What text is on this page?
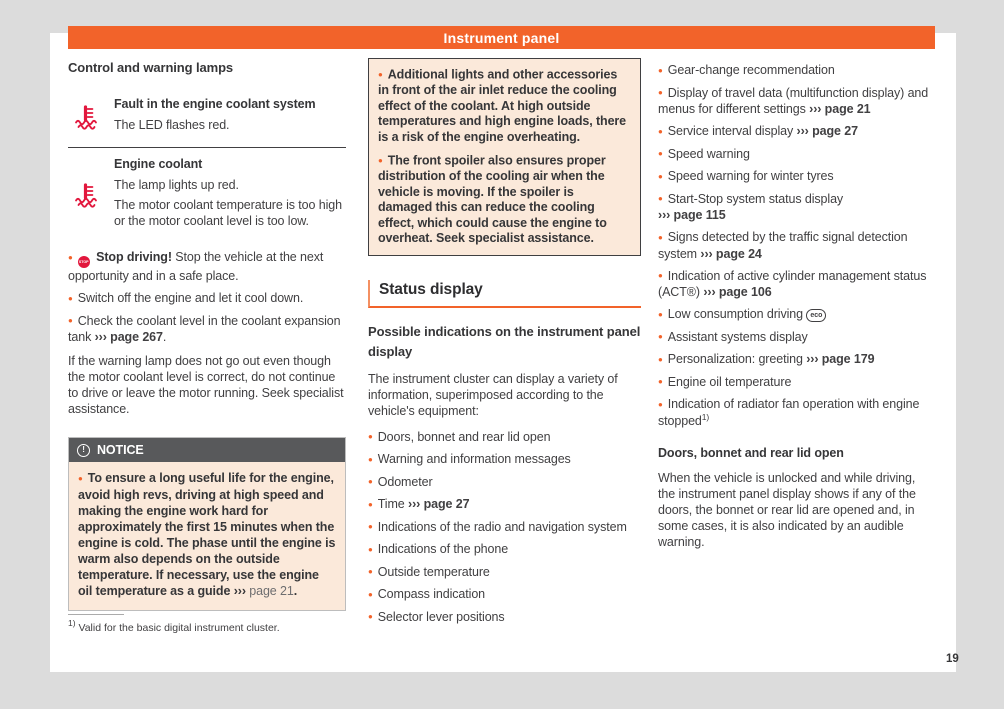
Instrument panel
Control and warning lamps
Fault in the engine coolant system
The LED flashes red.
Engine coolant
The lamp lights up red.
The motor coolant temperature is too high or the motor coolant level is too low.
●STOP Stop driving! Stop the vehicle at the next opportunity and in a safe place.
● Switch off the engine and let it cool down.
● Check the coolant level in the coolant expansion tank ››› page 267.
If the warning lamp does not go out even though the motor coolant level is correct, do not continue to drive or leave the motor running. Seek specialist assistance.
! NOTICE
● To ensure a long useful life for the engine, avoid high revs, driving at high speed and making the engine work hard for approximately the first 15 minutes when the engine is cold. The phase until the engine is warm also depends on the outside temperature. If necessary, use the engine oil temperature as a guide ››› page 21.
● Additional lights and other accessories in front of the air inlet reduce the cooling effect of the coolant. At high outside temperatures and high engine loads, there is a risk of the engine overheating.
● The front spoiler also ensures proper distribution of the cooling air when the vehicle is moving. If the spoiler is damaged this can reduce the cooling effect, which could cause the engine to overheat. Seek specialist assistance.
Status display
Possible indications on the instrument panel display
The instrument cluster can display a variety of information, superimposed according to the vehicle's equipment:
● Doors, bonnet and rear lid open
● Warning and information messages
● Odometer
● Time ››› page 27
● Indications of the radio and navigation system
● Indications of the phone
● Outside temperature
● Compass indication
● Selector lever positions
● Gear-change recommendation
● Display of travel data (multifunction display) and menus for different settings ››› page 21
● Service interval display ››› page 27
● Speed warning
● Speed warning for winter tyres
● Start-Stop system status display
››› page 115
● Signs detected by the traffic signal detection system ››› page 24
● Indication of active cylinder management status (ACT®) ››› page 106
● Low consumption driving eco
● Assistant systems display
● Personalization: greeting ››› page 179
● Engine oil temperature
● Indication of radiator fan operation with engine stopped$^{1)}$
Doors, bonnet and rear lid open
When the vehicle is unlocked and while driving, the instrument panel display shows if any of the doors, the bonnet or rear lid are opened and, in some cases, it is also indicated by an audible warning.
$^{1)}$ Valid for the basic digital instrument cluster.
19
